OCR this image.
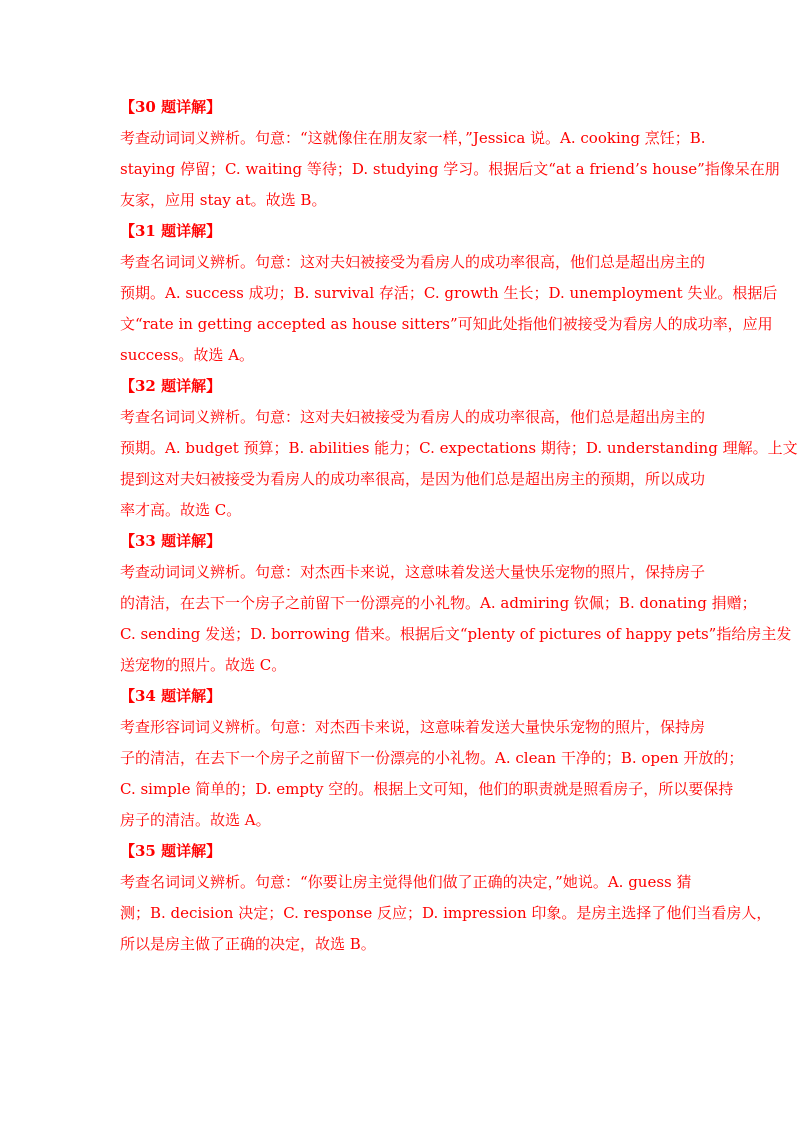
【30 题详解】

考查动词词义辨析。句意：“这就像住在朋友家一样，”Jessica 说。A. cooking 烹饪；B.
staying 停留；C. waiting 等待；D. studying 学习。根据后文“at a friend’s house”指像呆在朋
友家，应用 stay at。故选 B。

【31 题详解】

考查名词词义辨析。句意：这对夫妇被接受为看房人的成功率很高，他们总是超出房主的
预期。A. success 成功；B. survival 存活；C. growth 生长；D. unemployment 失业。根据后
文“rate in getting accepted as house sitters”可知此处指他们被接受为看房人的成功率，应用
success。故选 A。

【32 题详解】

考查名词词义辨析。句意：这对夫妇被接受为看房人的成功率很高，他们总是超出房主的
预期。A. budget 预算；B. abilities 能力；C. expectations 期待；D. understanding 理解。上文
提到这对夫妇被接受为看房人的成功率很高，是因为他们总是超出房主的预期，所以成功
率才高。故选 C。

【33 题详解】

考查动词词义辨析。句意：对杰西卡来说，这意味着发送大量快乐宠物的照片，保持房子
的清洁，在去下一个房子之前留下一份漂亮的小礼物。A. admiring 钦佩；B. donating 捐赠；
C. sending 发送；D. borrowing 借来。根据后文“plenty of pictures of happy pets”指给房主发
送宠物的照片。故选 C。

【34 题详解】

考查形容词词义辨析。句意：对杰西卡来说，这意味着发送大量快乐宠物的照片，保持房
子的清洁，在去下一个房子之前留下一份漂亮的小礼物。A. clean 干净的；B. open 开放的；
C. simple 简单的；D. empty 空的。根据上文可知，他们的职责就是照看房子，所以要保持
房子的清洁。故选 A。

【35 题详解】

考查名词词义辨析。句意：“你要让房主觉得他们做了正确的决定，”她说。A. guess 猜
测；B. decision 决定；C. response 反应；D. impression 印象。是房主选择了他们当看房人，
所以是房主做了正确的决定，故选 B。
